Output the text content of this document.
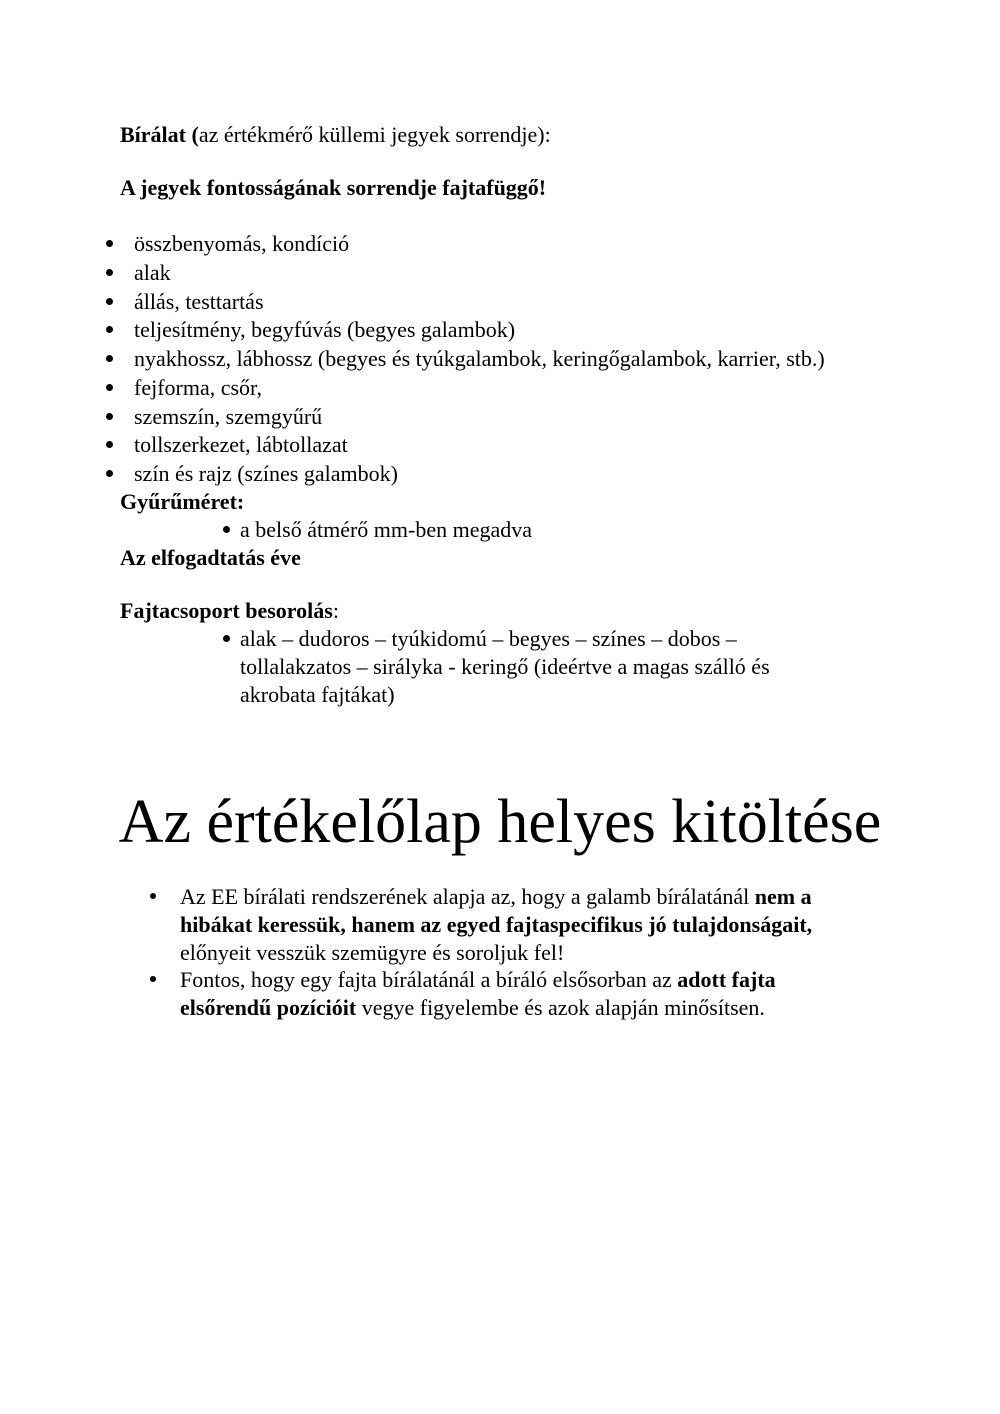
Bírálat (az értékmérő küllemi jegyek sorrendje):
A jegyek fontosságának sorrendje fajtafüggő!
összbenyomás, kondíció
alak
állás, testtartás
teljesítmény, begyfúvás (begyes galambok)
nyakhossz, lábhossz (begyes és tyúkgalambok, keringőgalambok, karrier, stb.)
fejforma, csőr,
szemszín, szemgyűrű
tollszerkezet, lábtollazat
szín és rajz (színes galambok)
Gyűrűméret:
a belső átmérő mm-ben megadva
Az elfogadtatás éve
Fajtacsoport besorolás:
alak – dudoros – tyúkidomú – begyes – színes – dobos –
tollalakzatos – sirályka - keringő (ideértve a magas szálló és
akrobata fajtákat)
Az értékelőlap helyes kitöltése
Az EE bírálati rendszerének alapja az, hogy a galamb bírálatánál nem a hibákat keressük, hanem az egyed fajtaspecifikus jó tulajdonságait, előnyeit vesszük szemügyre és soroljuk fel!
Fontos, hogy egy fajta bírálatánál a bíráló elsősorban az adott fajta elsőrendű pozícióit vegye figyelembe és azok alapján minősítsen.
